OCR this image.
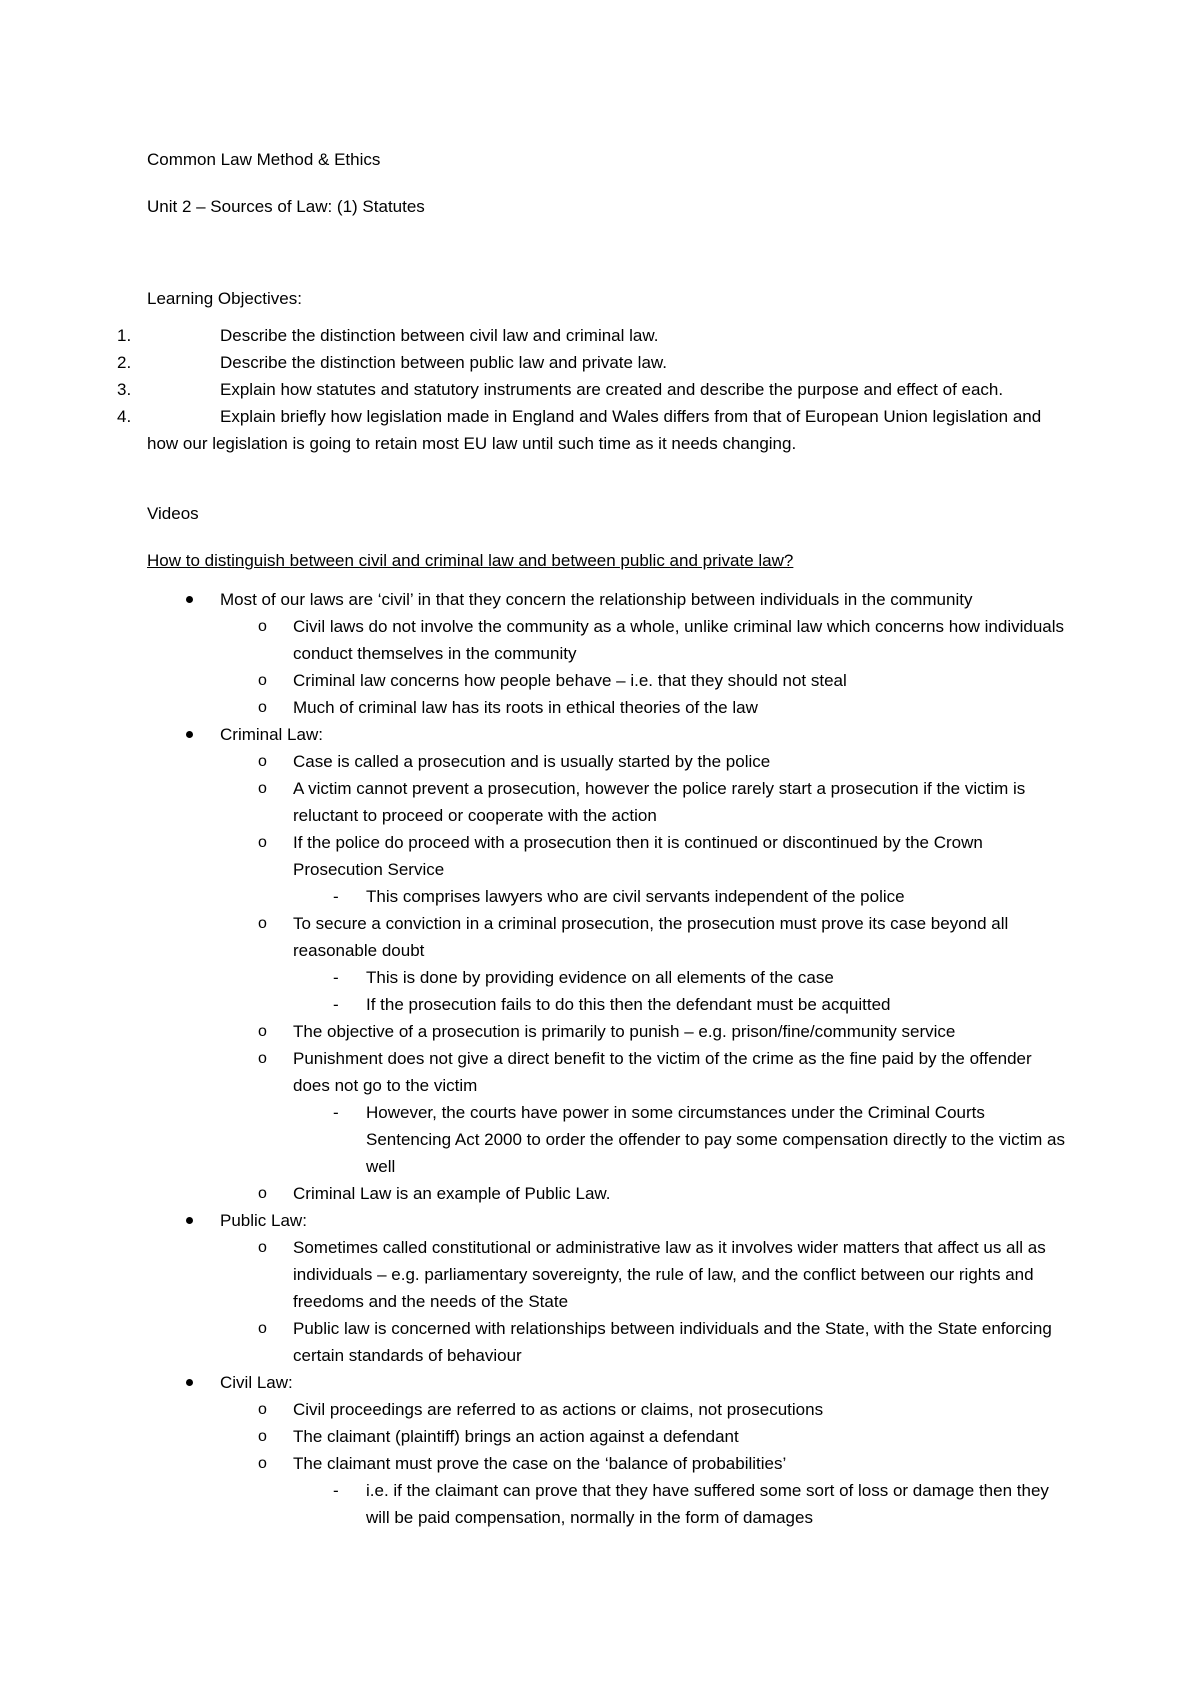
Common Law Method & Ethics

Unit 2 – Sources of Law: (1) Statutes

Learning Objectives:

1.	Describe the distinction between civil law and criminal law.
2.	Describe the distinction between public law and private law.
3.	Explain how statutes and statutory instruments are created and describe the purpose and effect of each.
4.	Explain briefly how legislation made in England and Wales differs from that of European Union legislation and how our legislation is going to retain most EU law until such time as it needs changing.

Videos

How to distinguish between civil and criminal law and between public and private law?
Most of our laws are ‘civil’ in that they concern the relationship between individuals in the community
o Civil laws do not involve the community as a whole, unlike criminal law which concerns how individuals conduct themselves in the community
o Criminal law concerns how people behave – i.e. that they should not steal
o Much of criminal law has its roots in ethical theories of the law
Criminal Law:
o Case is called a prosecution and is usually started by the police
o A victim cannot prevent a prosecution, however the police rarely start a prosecution if the victim is reluctant to proceed or cooperate with the action
o If the police do proceed with a prosecution then it is continued or discontinued by the Crown Prosecution Service
- This comprises lawyers who are civil servants independent of the police
o To secure a conviction in a criminal prosecution, the prosecution must prove its case beyond all reasonable doubt
- This is done by providing evidence on all elements of the case
- If the prosecution fails to do this then the defendant must be acquitted
o The objective of a prosecution is primarily to punish – e.g. prison/fine/community service
o Punishment does not give a direct benefit to the victim of the crime as the fine paid by the offender does not go to the victim
- However, the courts have power in some circumstances under the Criminal Courts Sentencing Act 2000 to order the offender to pay some compensation directly to the victim as well
o Criminal Law is an example of Public Law.
Public Law:
o Sometimes called constitutional or administrative law as it involves wider matters that affect us all as individuals – e.g. parliamentary sovereignty, the rule of law, and the conflict between our rights and freedoms and the needs of the State
o Public law is concerned with relationships between individuals and the State, with the State enforcing certain standards of behaviour
Civil Law:
o Civil proceedings are referred to as actions or claims, not prosecutions
o The claimant (plaintiff) brings an action against a defendant
o The claimant must prove the case on the ‘balance of probabilities’
- i.e. if the claimant can prove that they have suffered some sort of loss or damage then they will be paid compensation, normally in the form of damages
